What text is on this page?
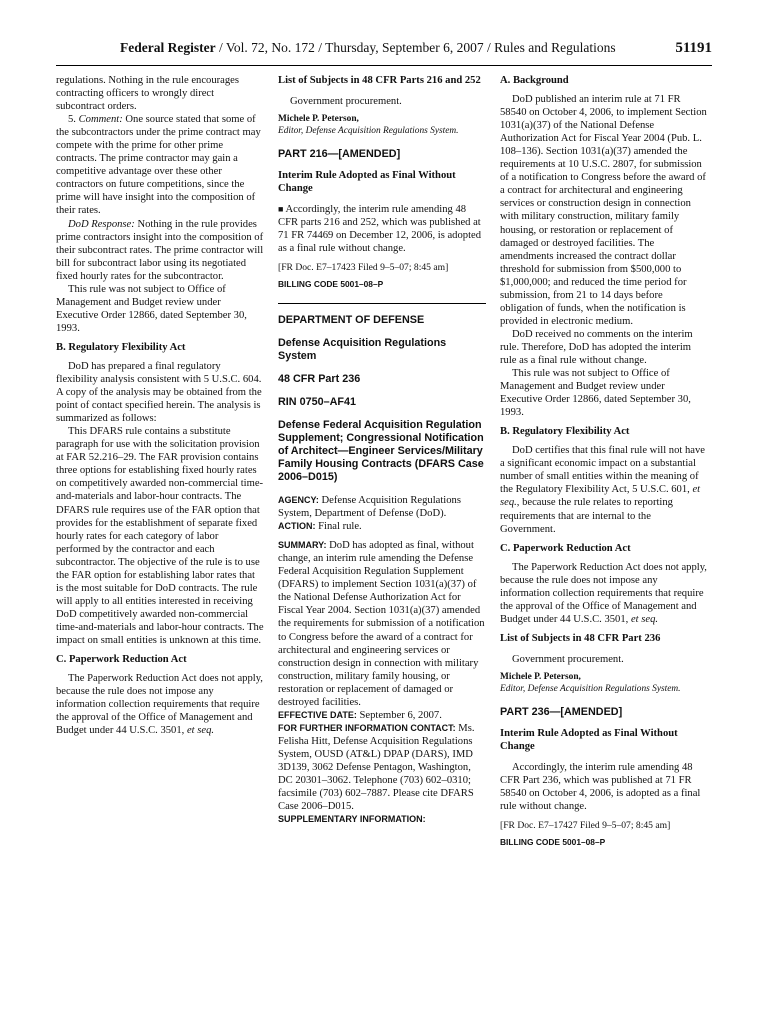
Federal Register / Vol. 72, No. 172 / Thursday, September 6, 2007 / Rules and Regulations	51191

regulations. Nothing in the rule encourages contracting officers to wrongly direct subcontract orders.

5. Comment: One source stated that some of the subcontractors under the prime contract may compete with the prime for other prime contracts. The prime contractor may gain a competitive advantage over these other contractors on future competitions, since the prime will have insight into the composition of their rates.

DoD Response: Nothing in the rule provides prime contractors insight into the composition of their subcontract rates. The prime contractor will bill for subcontract labor using its negotiated fixed hourly rates for the subcontractor.

This rule was not subject to Office of Management and Budget review under Executive Order 12866, dated September 30, 1993.

B. Regulatory Flexibility Act

DoD has prepared a final regulatory flexibility analysis consistent with 5 U.S.C. 604. A copy of the analysis may be obtained from the point of contact specified herein. The analysis is summarized as follows:

This DFARS rule contains a substitute paragraph for use with the solicitation provision at FAR 52.216–29. The FAR provision contains three options for establishing fixed hourly rates on competitively awarded non-commercial time-and-materials and labor-hour contracts. The DFARS rule requires use of the FAR option that provides for the establishment of separate fixed hourly rates for each category of labor performed by the contractor and each subcontractor. The objective of the rule is to use the FAR option for establishing labor rates that is the most suitable for DoD contracts. The rule will apply to all entities interested in receiving DoD competitively awarded non-commercial time-and-materials and labor-hour contracts. The impact on small entities is unknown at this time.

C. Paperwork Reduction Act

The Paperwork Reduction Act does not apply, because the rule does not impose any information collection requirements that require the approval of the Office of Management and Budget under 44 U.S.C. 3501, et seq.

List of Subjects in 48 CFR Parts 216 and 252

Government procurement.

Michele P. Peterson,

Editor, Defense Acquisition Regulations System.

PART 216—[AMENDED]

Interim Rule Adopted as Final Without Change

■ Accordingly, the interim rule amending 48 CFR parts 216 and 252, which was published at 71 FR 74469 on December 12, 2006, is adopted as a final rule without change.

[FR Doc. E7–17423 Filed 9–5–07; 8:45 am]

BILLING CODE 5001–08–P

DEPARTMENT OF DEFENSE

Defense Acquisition Regulations System

48 CFR Part 236

RIN 0750–AF41

Defense Federal Acquisition Regulation Supplement; Congressional Notification of Architect—Engineer Services/Military Family Housing Contracts (DFARS Case 2006–D015)

AGENCY: Defense Acquisition Regulations System, Department of Defense (DoD).

ACTION: Final rule.

SUMMARY: DoD has adopted as final, without change, an interim rule amending the Defense Federal Acquisition Regulation Supplement (DFARS) to implement Section 1031(a)(37) of the National Defense Authorization Act for Fiscal Year 2004. Section 1031(a)(37) amended the requirements for submission of a notification to Congress before the award of a contract for architectural and engineering services or construction design in connection with military construction, military family housing, or restoration or replacement of damaged or destroyed facilities.

EFFECTIVE DATE: September 6, 2007.

FOR FURTHER INFORMATION CONTACT: Ms. Felisha Hitt, Defense Acquisition Regulations System, OUSD (AT&L) DPAP (DARS), IMD 3D139, 3062 Defense Pentagon, Washington, DC 20301–3062. Telephone (703) 602–0310; facsimile (703) 602–7887. Please cite DFARS Case 2006–D015.

SUPPLEMENTARY INFORMATION:

A. Background

DoD published an interim rule at 71 FR 58540 on October 4, 2006, to implement Section 1031(a)(37) of the National Defense Authorization Act for Fiscal Year 2004 (Pub. L. 108–136). Section 1031(a)(37) amended the requirements at 10 U.S.C. 2807, for submission of a notification to Congress before the award of a contract for architectural and engineering services or construction design in connection with military construction, military family housing, or restoration or replacement of damaged or destroyed facilities. The amendments increased the contract dollar threshold for submission from $500,000 to $1,000,000; and reduced the time period for submission, from 21 to 14 days before obligation of funds, when the notification is provided in electronic medium.

DoD received no comments on the interim rule. Therefore, DoD has adopted the interim rule as a final rule without change.

This rule was not subject to Office of Management and Budget review under Executive Order 12866, dated September 30, 1993.

B. Regulatory Flexibility Act

DoD certifies that this final rule will not have a significant economic impact on a substantial number of small entities within the meaning of the Regulatory Flexibility Act, 5 U.S.C. 601, et seq., because the rule relates to reporting requirements that are internal to the Government.

C. Paperwork Reduction Act

The Paperwork Reduction Act does not apply, because the rule does not impose any information collection requirements that require the approval of the Office of Management and Budget under 44 U.S.C. 3501, et seq.

List of Subjects in 48 CFR Part 236

Government procurement.

Michele P. Peterson,

Editor, Defense Acquisition Regulations System.

PART 236—[AMENDED]

Interim Rule Adopted as Final Without Change

Accordingly, the interim rule amending 48 CFR Part 236, which was published at 71 FR 58540 on October 4, 2006, is adopted as a final rule without change.

[FR Doc. E7–17427 Filed 9–5–07; 8:45 am]

BILLING CODE 5001–08–P
